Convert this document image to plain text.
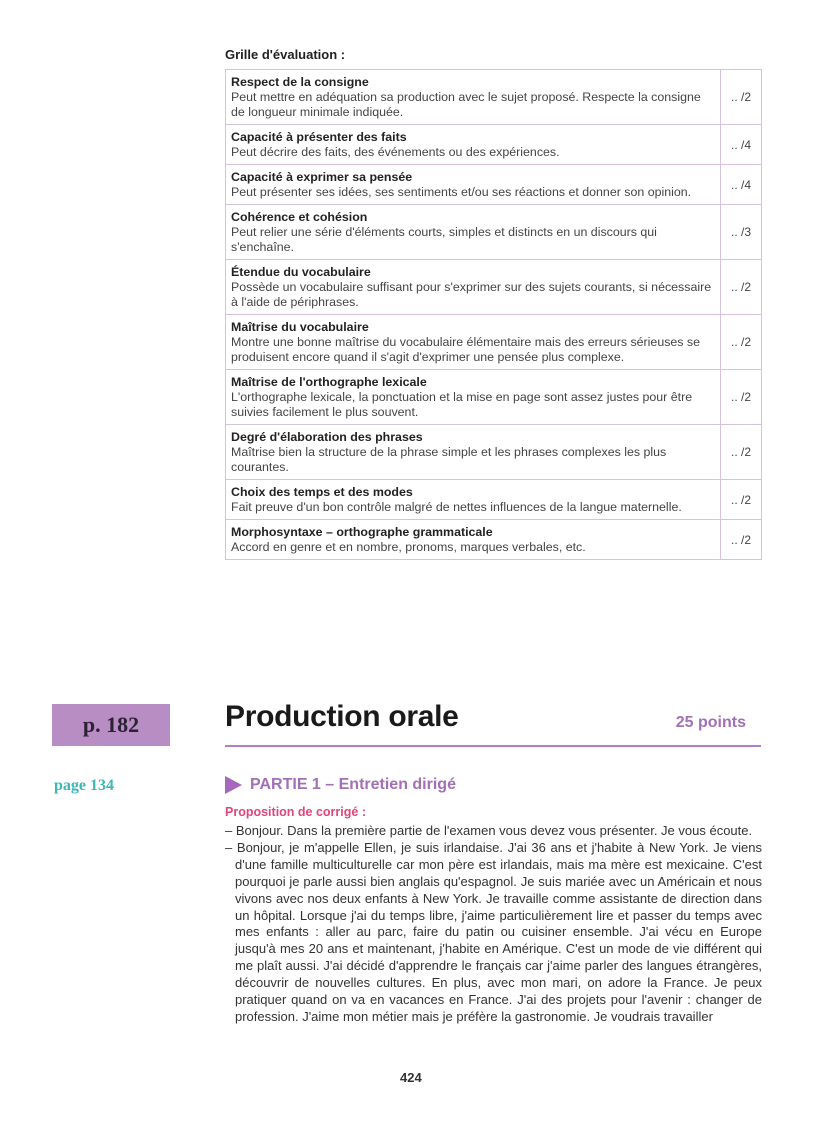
Grille d'évaluation :
Respect de la consigne
Peut mettre en adéquation sa production avec le sujet proposé. Respecte la consigne de longueur minimale indiquée.	.. /2

Capacité à présenter des faits
Peut décrire des faits, des événements ou des expériences.	.. /4

Capacité à exprimer sa pensée
Peut présenter ses idées, ses sentiments et/ou ses réactions et donner son opinion.	.. /4

Cohérence et cohésion
Peut relier une série d'éléments courts, simples et distincts en un discours qui s'enchaîne.	.. /3

Étendue du vocabulaire
Possède un vocabulaire suffisant pour s'exprimer sur des sujets courants, si nécessaire à l'aide de périphrases.	.. /2

Maîtrise du vocabulaire
Montre une bonne maîtrise du vocabulaire élémentaire mais des erreurs sérieuses se produisent encore quand il s'agit d'exprimer une pensée plus complexe.	.. /2

Maîtrise de l'orthographe lexicale
L'orthographe lexicale, la ponctuation et la mise en page sont assez justes pour être suivies facilement le plus souvent.	.. /2

Degré d'élaboration des phrases
Maîtrise bien la structure de la phrase simple et les phrases complexes les plus courantes.	.. /2

Choix des temps et des modes
Fait preuve d'un bon contrôle malgré de nettes influences de la langue maternelle.	.. /2

Morphosyntaxe – orthographe grammaticale
Accord en genre et en nombre, pronoms, marques verbales, etc.	.. /2
p. 182
page 134
Production orale	25 points
PARTIE 1 – Entretien dirigé
Proposition de corrigé :

– Bonjour. Dans la première partie de l'examen vous devez vous présenter. Je vous écoute.

– Bonjour, je m'appelle Ellen, je suis irlandaise. J'ai 36 ans et j'habite à New York. Je viens d'une famille multiculturelle car mon père est irlandais, mais ma mère est mexicaine. C'est pourquoi je parle aussi bien anglais qu'espagnol. Je suis mariée avec un Américain et nous vivons avec nos deux enfants à New York. Je travaille comme assistante de direction dans un hôpital. Lorsque j'ai du temps libre, j'aime particulièrement lire et passer du temps avec mes enfants : aller au parc, faire du patin ou cuisiner ensemble. J'ai vécu en Europe jusqu'à mes 20 ans et maintenant, j'habite en Amérique. C'est un mode de vie différent qui me plaît aussi. J'ai décidé d'apprendre le français car j'aime parler des langues étrangères, découvrir de nouvelles cultures. En plus, avec mon mari, on adore la France. Je peux pratiquer quand on va en vacances en France. J'ai des projets pour l'avenir : changer de profession. J'aime mon métier mais je préfère la gastronomie. Je voudrais travailler

424
